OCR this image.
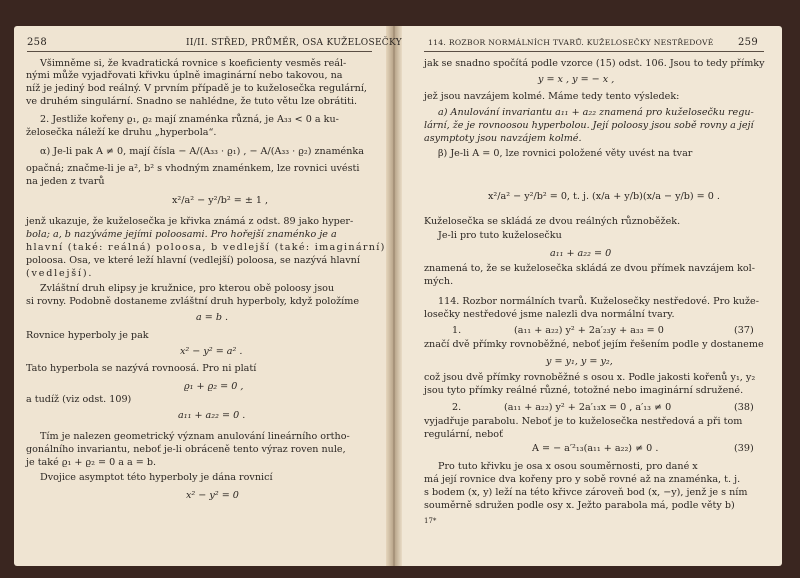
258	II/II. STŘED, PRŮMĚR, OSA KUŽELOSEČKY
Všimněme si, že kvadratická rovnice s koeficienty vesměs reál-
nými může vyjadřovati křivku úplně imaginární nebo takovou, na
níž je jediný bod reálný. V prvním případě je to kuželosečka regulární,
ve druhém singulární. Snadno se nahlédne, že tuto větu lze obrátiti.
2. Jestliže kořeny ϱ₁, ϱ₂ mají znaménka různá, je A₃₃ < 0 a ku-
želosečka náleží ke druhu „hyperbola“.
α) Je-li pak A ≠ 0, mají čísla − A/(A₃₃ · ϱ₁) , − A/(A₃₃ · ϱ₂) znaménka
opačná; značme-li je a², b² s vhodným znaménkem, lze rovnici uvésti
na jeden z tvarů
x²/a² − y²/b² = ± 1 ,
jenž ukazuje, že kuželosečka je křivka známá z odst. 89 jako hyper-
bola; a, b nazýváme jejími poloosami. Pro hořejší znaménko je a
hlavní (také: reálná) poloosa, b vedlejší (také: imaginární)
poloosa. Osa, ve které leží hlavní (vedlejší) poloosa, se nazývá hlavní
(vedlejší).
Zvláštní druh elipsy je kružnice, pro kterou obě poloosy jsou
si rovny. Podobně dostaneme zvláštní druh hyperboly, když položíme
a = b .
Rovnice hyperboly je pak
x² − y² = a² .
Tato hyperbola se nazývá rovnoosá. Pro ni platí
ϱ₁ + ϱ₂ = 0 ,
a tudíž (viz odst. 109)
a₁₁ + a₂₂ = 0 .
Tím je nalezen geometrický význam anulování lineárního ortho-
gonálního invariantu, neboť je-li obráceně tento výraz roven nule,
je také ϱ₁ + ϱ₂ = 0 a a = b.
Dvojice asymptot této hyperboly je dána rovnicí
x² − y² = 0
114. ROZBOR NORMÁLNÍCH TVARŮ. KUŽELOSEČKY NESTŘEDOVÉ 259
jak se snadno spočítá podle vzorce (15) odst. 106. Jsou to tedy přímky
y = x , y = − x ,
jež jsou navzájem kolmé. Máme tedy tento výsledek:
a) Anulování invariantu a₁₁ + a₂₂ znamená pro kuželosečku regu-
lární, že je rovnoosou hyperbolou. Její poloosy jsou sobě rovny a její
asymptoty jsou navzájem kolmé.
β) Je-li A = 0, lze rovnici položené věty uvést na tvar
x²/a² − y²/b² = 0, t. j. (x/a + y/b)(x/a − y/b) = 0 .
Kuželosečka se skládá ze dvou reálných různoběžek.
Je-li pro tuto kuželosečku
a₁₁ + a₂₂ = 0
znamená to, že se kuželosečka skládá ze dvou přímek navzájem kol-
mých.
114. Rozbor normálních tvarů. Kuželosečky nestředové. Pro kuže-
losečky nestředové jsme nalezli dva normální tvary.
1.	(a₁₁ + a₂₂) y² + 2a′₂₃y + a₃₃ = 0	(37)
značí dvě přímky rovnoběžné, neboť jejím řešením podle y dostaneme
y = y₁, y = y₂,
což jsou dvě přímky rovnoběžné s osou x. Podle jakosti kořenů y₁, y₂
jsou tyto přímky reálné různé, totožné nebo imaginární sdružené.
2.	(a₁₁ + a₂₂) y² + 2a′₁₃x = 0 , a′₁₃ ≠ 0	(38)
vyjadřuje parabolu. Neboť je to kuželosečka nestředová a při tom
regulární, neboť
A = − a′²₁₃(a₁₁ + a₂₂) ≠ 0 .	(39)
Pro tuto křivku je osa x osou souměrnosti, pro dané x
má její rovnice dva kořeny pro y sobě rovné až na znaménka, t. j.
s bodem (x, y) leží na této křivce zároveň bod (x, −y), jenž je s ním
souměrně sdružen podle osy x. Ježto parabola má, podle věty b)
17*
